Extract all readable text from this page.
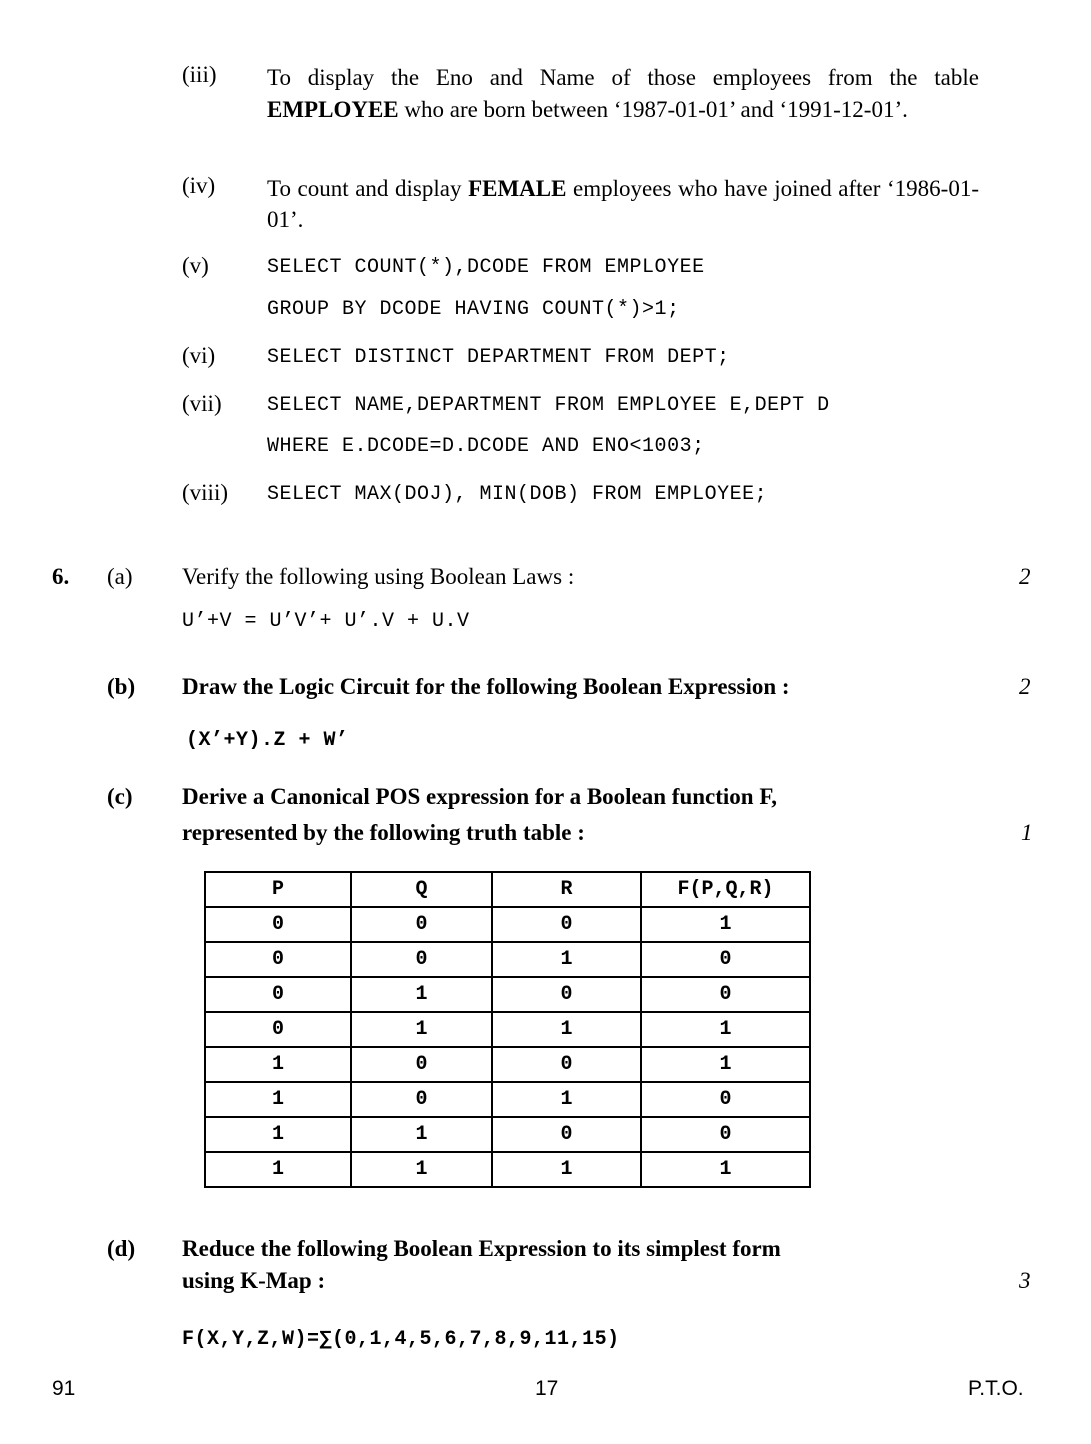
(iii) To display the Eno and Name of those employees from the table EMPLOYEE who are born between ‘1987-01-01’ and ‘1991-12-01’.
(iv) To count and display FEMALE employees who have joined after ‘1986-01-01’.
(v)	SELECT COUNT(*),DCODE FROM EMPLOYEE
GROUP BY DCODE HAVING COUNT(*)>1;
(vi)	SELECT DISTINCT DEPARTMENT FROM DEPT;
(vii) SELECT NAME,DEPARTMENT FROM EMPLOYEE E,DEPT D
WHERE E.DCODE=D.DCODE AND ENO<1003;
(viii) SELECT MAX(DOJ), MIN(DOB) FROM EMPLOYEE;
6. (a) Verify the following using Boolean Laws :	2
U’+V = U’V’+ U’.V + U.V
(b) Draw the Logic Circuit for the following Boolean Expression :	2
(X’+Y).Z + W’
(c) Derive a Canonical POS expression for a Boolean function F,
represented by the following truth table :	1
P	Q	R	F(P,Q,R)
0	0	0	1
0	0	1	0
0	1	0	0
0	1	1	1
1	0	0	1
1	0	1	0
1	1	0	0
1	1	1	1
(d) Reduce the following Boolean Expression to its simplest form
using K-Map :	3
F(X,Y,Z,W)=∑(0,1,4,5,6,7,8,9,11,15)
91	17	P.T.O.
